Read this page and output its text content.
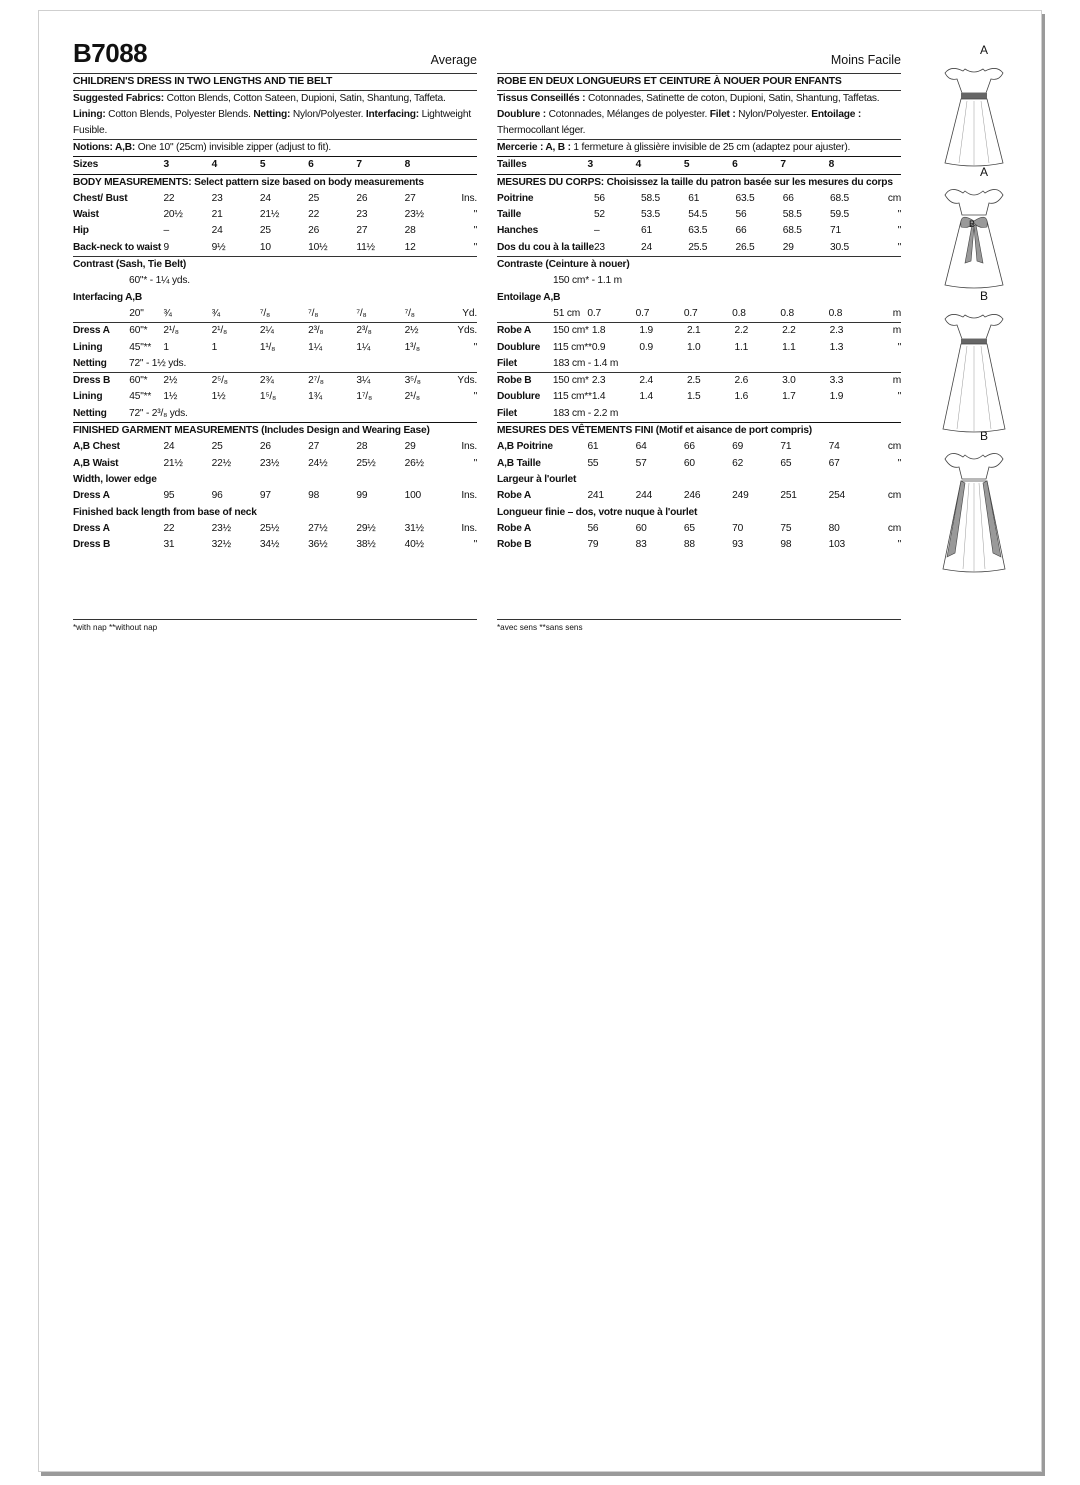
B7088	Average
CHILDREN'S DRESS IN TWO LENGTHS AND TIE BELT
Suggested Fabrics: Cotton Blends, Cotton Sateen, Dupioni, Satin, Shantung, Taffeta. Lining: Cotton Blends, Polyester Blends. Netting: Nylon/Polyester. Interfacing: Lightweight Fusible.
Notions: A,B: One 10" (25cm) invisible zipper (adjust to fit).
Sizes	3	4	5	6	7	8	
BODY MEASUREMENTS: Select pattern size based on body measurements
Chest/ Bust	22	23	24	25	26	27	Ins.
Waist	20½	21	21½	22	23	23½	"
Hip	–	24	25	26	27	28	"
Back-neck to waist	9	9½	10	10½	11½	12	"
Contrast (Sash, Tie Belt)
60"* - 1¼ yds.
Interfacing A,B
	20"	¾	¾	⁷/₈	⁷/₈	⁷/₈	⁷/₈	Yd.
Dress A	60"*	2¹/₈	2¹/₈	2¼	2³/₈	2³/₈	2½	Yds.
Lining	45"**	1	1	1¹/₈	1¼	1¼	1³/₈	"
Netting 72" - 1½ yds.
Dress B	60"*	2½	2⁵/₈	2¾	2⁷/₈	3¼	3⁵/₈	Yds.
Lining	45"**	1½	1½	1⁵/₈	1¾	1⁷/₈	2¹/₈	"
Netting 72" - 2³/₈ yds.
FINISHED GARMENT MEASUREMENTS (Includes Design and Wearing Ease)
A,B Chest	24	25	26	27	28	29	Ins.
A,B Waist	21½	22½	23½	24½	25½	26½	"
Width, lower edge
Dress A	95	96	97	98	99	100	Ins.
Finished back length from base of neck
Dress A	22	23½	25½	27½	29½	31½	Ins.
Dress B	31	32½	34½	36½	38½	40½	"
*with nap **without nap
Moins Facile
ROBE EN DEUX LONGUEURS ET CEINTURE À NOUER POUR ENFANTS
Tissus Conseillés : Cotonnades, Satinette de coton, Dupioni, Satin, Shantung, Taffetas. Doublure : Cotonnades, Mélanges de polyester. Filet : Nylon/Polyester. Entoilage : Thermocollant léger.
Mercerie : A, B : 1 fermeture à glissière invisible de 25 cm (adaptez pour ajuster).
Tailles	3	4	5	6	7	8	
MESURES DU CORPS: Choisissez la taille du patron basée sur les mesures du corps
Poitrine	56	58.5	61	63.5	66	68.5	cm
Taille	52	53.5	54.5	56	58.5	59.5	"
Hanches	–	61	63.5	66	68.5	71	"
Dos du cou à la taille	23	24	25.5	26.5	29	30.5	"
Contraste (Ceinture à nouer)
150 cm* - 1.1 m
Entoilage A,B
	51 cm	0.7	0.7	0.7	0.8	0.8	0.8	m
Robe A	150 cm*	1.8	1.9	2.1	2.2	2.2	2.3	m
Doublure	115 cm**	0.9	0.9	1.0	1.1	1.1	1.3	"
Filet	183 cm - 1.4 m
Robe B	150 cm*	2.3	2.4	2.5	2.6	3.0	3.3	m
Doublure	115 cm**	1.4	1.4	1.5	1.6	1.7	1.9	"
Filet	183 cm - 2.2 m
MESURES DES VÊTEMENTS FINI (Motif et aisance de port compris)
A,B Poitrine	61	64	66	69	71	74	cm
A,B Taille	55	57	60	62	65	67	"
Largeur à l'ourlet
Robe A	241	244	246	249	251	254	cm
Longueur finie – dos, votre nuque à l'ourlet
Robe A	56	60	65	70	75	80	cm
Robe B	79	83	88	93	98	103	"
*avec sens **sans sens
A
A
B
B
B
